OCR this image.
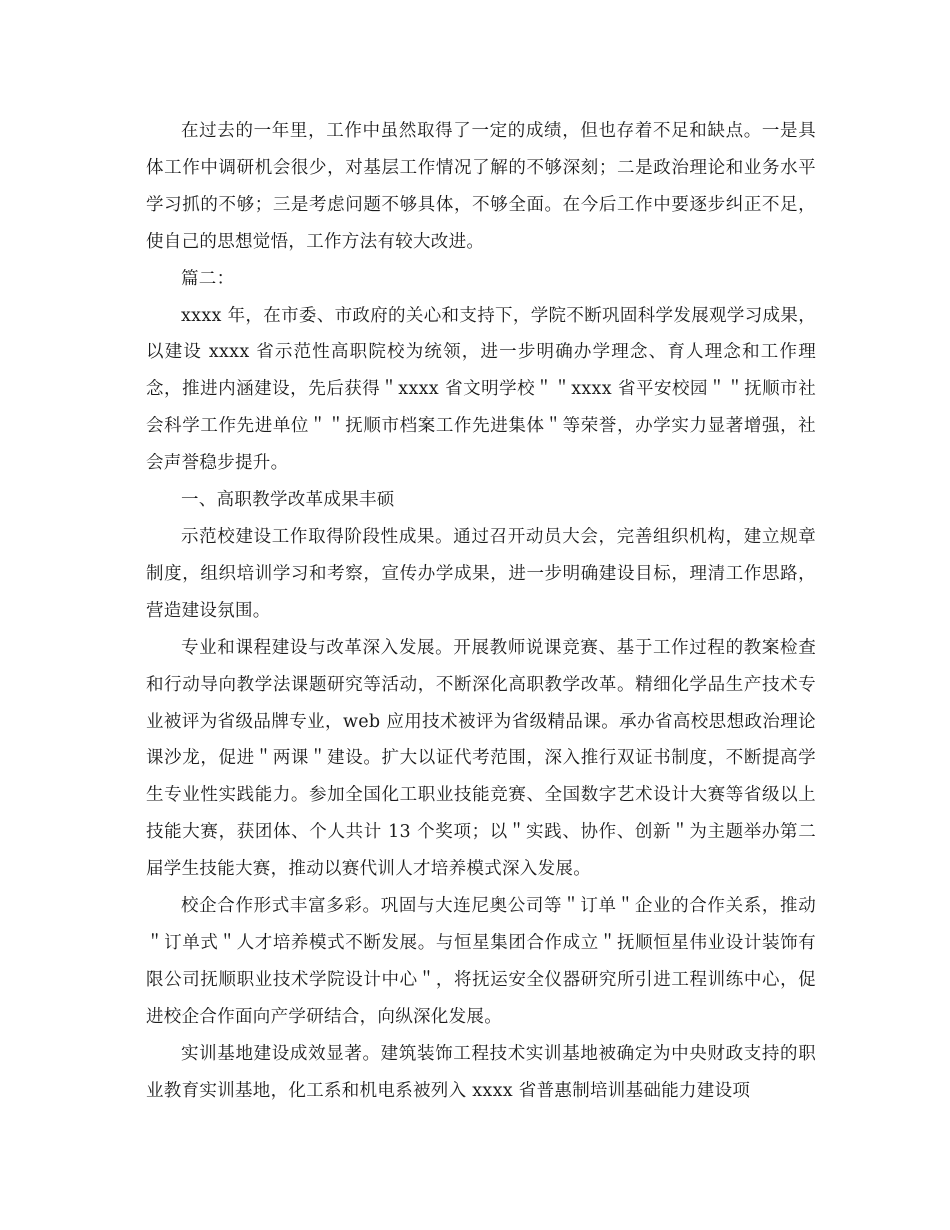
在过去的一年里，工作中虽然取得了一定的成绩，但也存着不足和缺点。一是具体工作中调研机会很少，对基层工作情况了解的不够深刻；二是政治理论和业务水平学习抓的不够；三是考虑问题不够具体，不够全面。在今后工作中要逐步纠正不足，使自己的思想觉悟，工作方法有较大改进。

篇二：

xxxx 年，在市委、市政府的关心和支持下，学院不断巩固科学发展观学习成果，以建设 xxxx 省示范性高职院校为统领，进一步明确办学理念、育人理念和工作理念，推进内涵建设，先后获得＂xxxx 省文明学校＂＂xxxx 省平安校园＂＂抚顺市社会科学工作先进单位＂＂抚顺市档案工作先进集体＂等荣誉，办学实力显著增强，社会声誉稳步提升。

一、高职教学改革成果丰硕

示范校建设工作取得阶段性成果。通过召开动员大会，完善组织机构，建立规章制度，组织培训学习和考察，宣传办学成果，进一步明确建设目标，理清工作思路，营造建设氛围。

专业和课程建设与改革深入发展。开展教师说课竞赛、基于工作过程的教案检查和行动导向教学法课题研究等活动，不断深化高职教学改革。精细化学品生产技术专业被评为省级品牌专业，web 应用技术被评为省级精品课。承办省高校思想政治理论课沙龙，促进＂两课＂建设。扩大以证代考范围，深入推行双证书制度，不断提高学生专业性实践能力。参加全国化工职业技能竞赛、全国数字艺术设计大赛等省级以上技能大赛，获团体、个人共计 13 个奖项；以＂实践、协作、创新＂为主题举办第二届学生技能大赛，推动以赛代训人才培养模式深入发展。

校企合作形式丰富多彩。巩固与大连尼奥公司等＂订单＂企业的合作关系，推动＂订单式＂人才培养模式不断发展。与恒星集团合作成立＂抚顺恒星伟业设计装饰有限公司抚顺职业技术学院设计中心＂，将抚运安全仪器研究所引进工程训练中心，促进校企合作面向产学研结合，向纵深化发展。

实训基地建设成效显著。建筑装饰工程技术实训基地被确定为中央财政支持的职业教育实训基地，化工系和机电系被列入 xxxx 省普惠制培训基础能力建设项
